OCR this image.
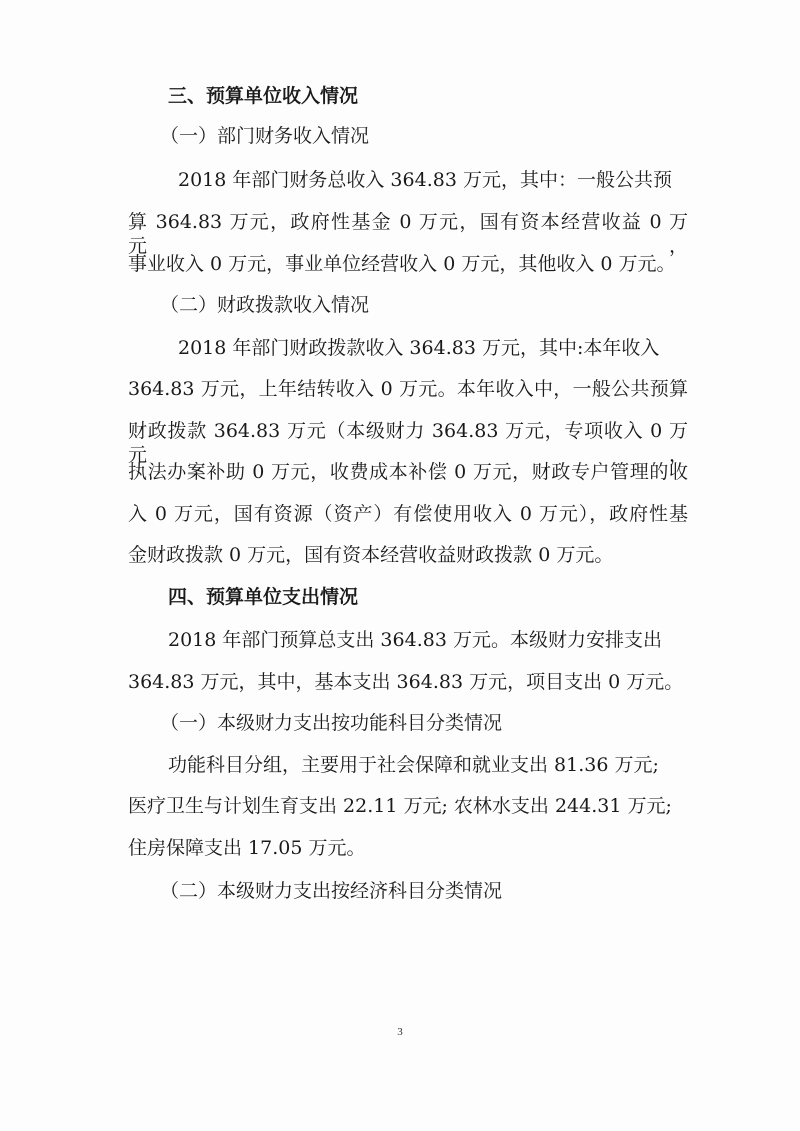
三、预算单位收入情况
（一）部门财务收入情况
2018 年部门财务总收入 364.83 万元，其中：一般公共预
算 364.83 万元，政府性基金 0 万元，国有资本经营收益 0 万元，
事业收入 0 万元，事业单位经营收入 0 万元，其他收入 0 万元。
（二）财政拨款收入情况
2018 年部门财政拨款收入 364.83 万元，其中:本年收入
364.83 万元，上年结转收入 0 万元。本年收入中，一般公共预算
财政拨款 364.83 万元（本级财力 364.83 万元，专项收入 0 万元，
执法办案补助 0 万元，收费成本补偿 0 万元，财政专户管理的收
入 0 万元，国有资源（资产）有偿使用收入 0 万元），政府性基
金财政拨款 0 万元，国有资本经营收益财政拨款 0 万元。
四、预算单位支出情况
2018 年部门预算总支出 364.83 万元。本级财力安排支出
364.83 万元，其中，基本支出 364.83 万元，项目支出 0 万元。
（一）本级财力支出按功能科目分类情况
功能科目分组，主要用于社会保障和就业支出 81.36 万元;
医疗卫生与计划生育支出 22.11 万元; 农林水支出 244.31 万元;
住房保障支出 17.05 万元。
（二）本级财力支出按经济科目分类情况
3
